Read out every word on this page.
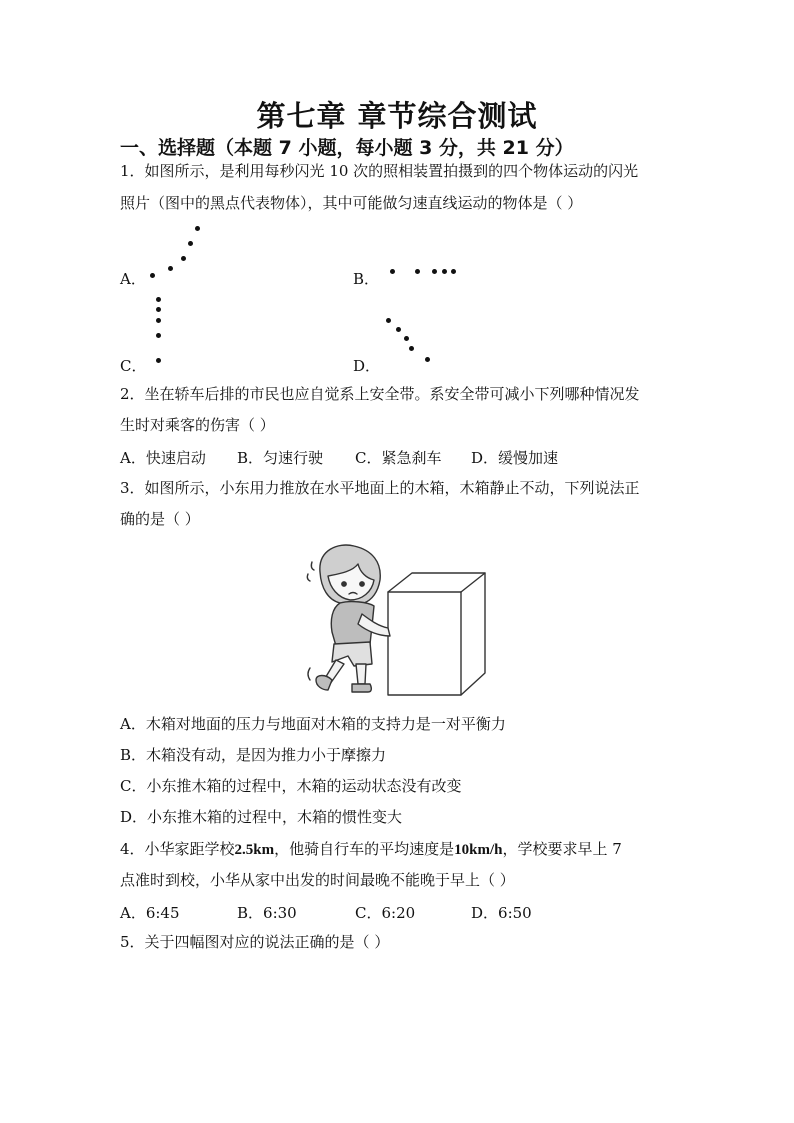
第七章 章节综合测试
一、选择题（本题 7 小题，每小题 3 分，共 21 分）
1．如图所示，是利用每秒闪光 10 次的照相装置拍摄到的四个物体运动的闪光
照片（图中的黑点代表物体），其中可能做匀速直线运动的物体是（ ）
A．	B．
C．	D．
2．坐在轿车后排的市民也应自觉系上安全带。系安全带可减小下列哪种情况发
生时对乘客的伤害（ ）
A．快速启动 B．匀速行驶 C．紧急刹车 D．缓慢加速
3．如图所示，小东用力推放在水平地面上的木箱，木箱静止不动，下列说法正
确的是（ ）
A．木箱对地面的压力与地面对木箱的支持力是一对平衡力
B．木箱没有动，是因为推力小于摩擦力
C．小东推木箱的过程中，木箱的运动状态没有改变
D．小东推木箱的过程中，木箱的惯性变大
4．小华家距学校2.5km，他骑自行车的平均速度是10km/h，学校要求早上 7
点准时到校，小华从家中出发的时间最晚不能晚于早上（ ）
A．6:45	B．6:30	C．6:20	D．6:50
5．关于四幅图对应的说法正确的是（ ）
